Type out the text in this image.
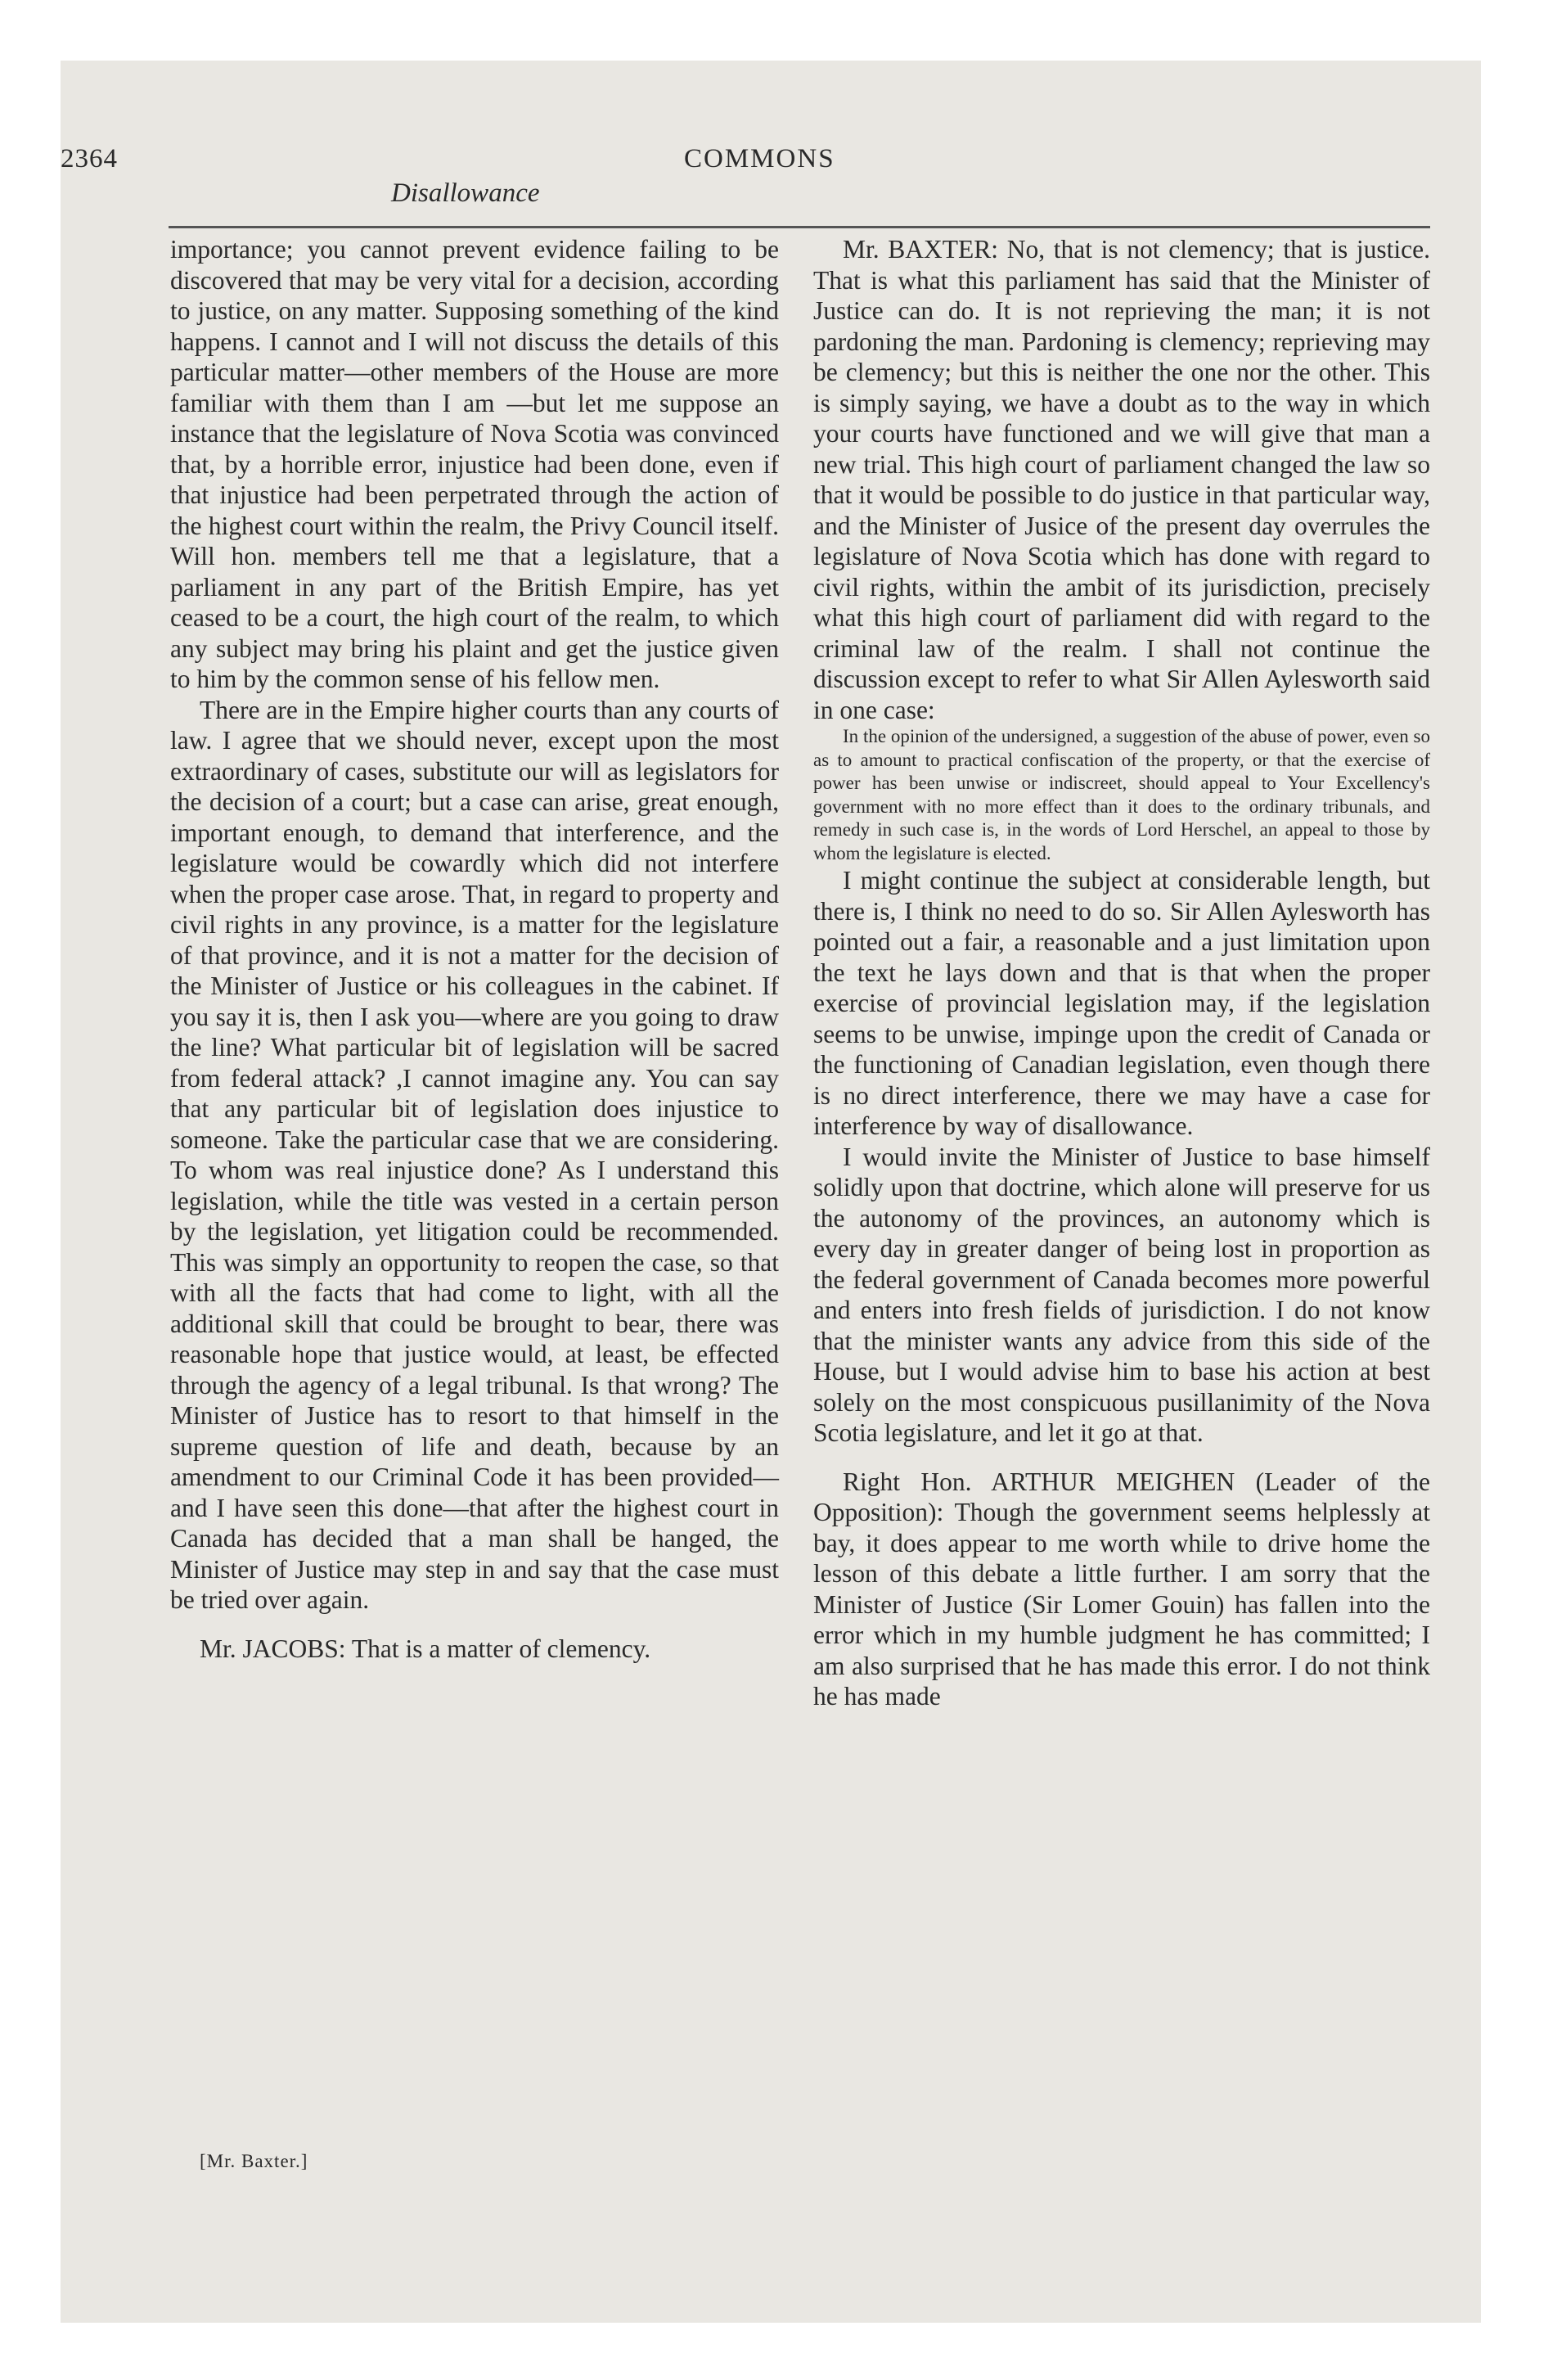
2364	COMMONS
Disallowance

importance; you cannot prevent evidence failing to be discovered that may be very vital for a decision, according to justice, on any matter. Supposing something of the kind happens. I cannot and I will not discuss the details of this particular matter—other members of the House are more familiar with them than I am —but let me suppose an instance that the legislature of Nova Scotia was convinced that, by a horrible error, injustice had been done, even if that injustice had been perpetrated through the action of the highest court within the realm, the Privy Council itself. Will hon. members tell me that a legislature, that a parliament in any part of the British Empire, has yet ceased to be a court, the high court of the realm, to which any subject may bring his plaint and get the justice given to him by the common sense of his fellow men.

There are in the Empire higher courts than any courts of law. I agree that we should never, except upon the most extraordinary of cases, substitute our will as legislators for the decision of a court; but a case can arise, great enough, important enough, to demand that interference, and the legislature would be cowardly which did not interfere when the proper case arose. That, in regard to property and civil rights in any province, is a matter for the legislature of that province, and it is not a matter for the decision of the Minister of Justice or his colleagues in the cabinet. If you say it is, then I ask you—where are you going to draw the line? What particular bit of legislation will be sacred from federal attack? ,I cannot imagine any. You can say that any particular bit of legislation does injustice to someone. Take the particular case that we are considering. To whom was real injustice done? As I understand this legislation, while the title was vested in a certain person by the legislation, yet litigation could be recommended. This was simply an opportunity to reopen the case, so that with all the facts that had come to light, with all the additional skill that could be brought to bear, there was reasonable hope that justice would, at least, be effected through the agency of a legal tribunal. Is that wrong? The Minister of Justice has to resort to that himself in the supreme question of life and death, because by an amendment to our Criminal Code it has been provided—and I have seen this done—that after the highest court in Canada has decided that a man shall be hanged, the Minister of Justice may step in and say that the case must be tried over again.

Mr. JACOBS: That is a matter of clemency.

[Mr. Baxter.]

Mr. BAXTER: No, that is not clemency; that is justice. That is what this parliament has said that the Minister of Justice can do. It is not reprieving the man; it is not pardoning the man. Pardoning is clemency; reprieving may be clemency; but this is neither the one nor the other. This is simply saying, we have a doubt as to the way in which your courts have functioned and we will give that man a new trial. This high court of parliament changed the law so that it would be possible to do justice in that particular way, and the Minister of Jusice of the present day overrules the legislature of Nova Scotia which has done with regard to civil rights, within the ambit of its jurisdiction, precisely what this high court of parliament did with regard to the criminal law of the realm. I shall not continue the discussion except to refer to what Sir Allen Aylesworth said in one case:

In the opinion of the undersigned, a suggestion of the abuse of power, even so as to amount to practical confiscation of the property, or that the exercise of power has been unwise or indiscreet, should appeal to Your Excellency's government with no more effect than it does to the ordinary tribunals, and remedy in such case is, in the words of Lord Herschel, an appeal to those by whom the legislature is elected.

I might continue the subject at considerable length, but there is, I think no need to do so. Sir Allen Aylesworth has pointed out a fair, a reasonable and a just limitation upon the text he lays down and that is that when the proper exercise of provincial legislation may, if the legislation seems to be unwise, impinge upon the credit of Canada or the functioning of Canadian legislation, even though there is no direct interference, there we may have a case for interference by way of disallowance.

I would invite the Minister of Justice to base himself solidly upon that doctrine, which alone will preserve for us the autonomy of the provinces, an autonomy which is every day in greater danger of being lost in proportion as the federal government of Canada becomes more powerful and enters into fresh fields of jurisdiction. I do not know that the minister wants any advice from this side of the House, but I would advise him to base his action at best solely on the most conspicuous pusillanimity of the Nova Scotia legislature, and let it go at that.

Right Hon. ARTHUR MEIGHEN (Leader of the Opposition): Though the government seems helplessly at bay, it does appear to me worth while to drive home the lesson of this debate a little further. I am sorry that the Minister of Justice (Sir Lomer Gouin) has fallen into the error which in my humble judgment he has committed; I am also surprised that he has made this error. I do not think he has made
